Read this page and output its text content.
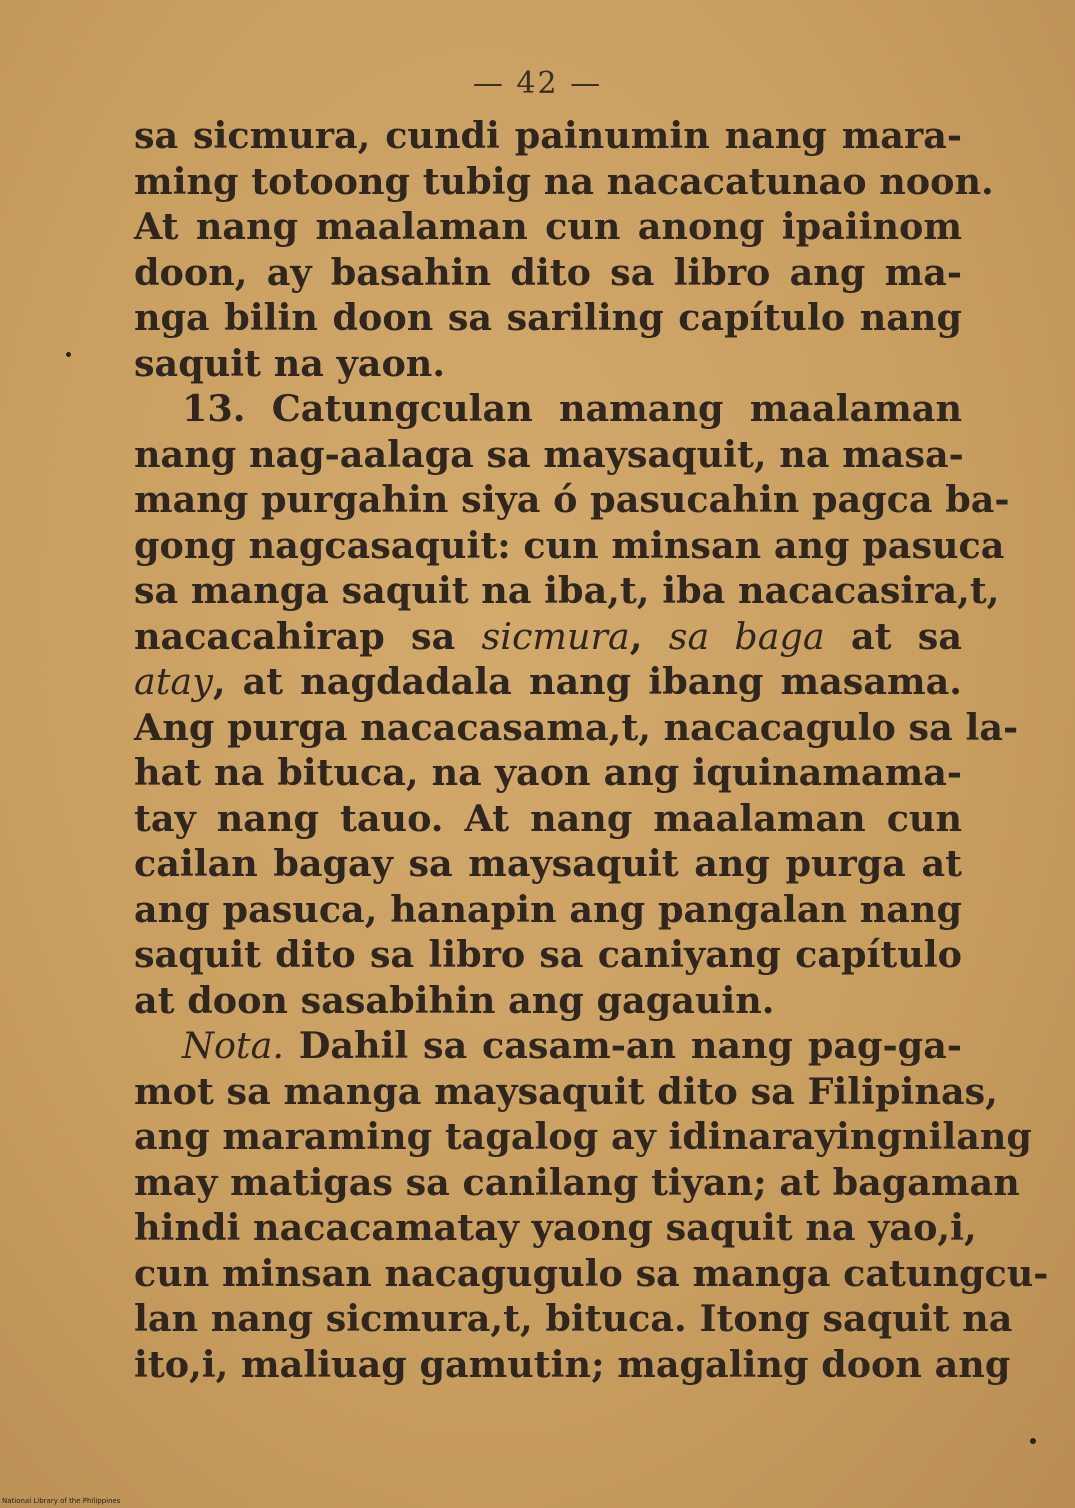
— 42 —
sa sicmura, cundi painumin nang mara-
ming totoong tubig na nacacatunao noon.
At nang maalaman cun anong ipaiinom
doon, ay basahin dito sa libro ang ma-
nga bilin doon sa sariling capítulo nang
saquit na yaon.
13. Catungculan namang maalaman
nang nag-aalaga sa maysaquit, na masa-
mang purgahin siya ó pasucahin pagca ba-
gong nagcasaquit: cun minsan ang pasuca
sa manga saquit na iba,t, iba nacacasira,t,
nacacahirap sa sicmura, sa baga at sa
atay, at nagdadala nang ibang masama.
Ang purga nacacasama,t, nacacagulo sa la-
hat na bituca, na yaon ang iquinamama-
tay nang tauo. At nang maalaman cun
cailan bagay sa maysaquit ang purga at
ang pasuca, hanapin ang pangalan nang
saquit dito sa libro sa caniyang capítulo
at doon sasabihin ang gagauin.
Nota. Dahil sa casam-an nang pag-ga-
mot sa manga maysaquit dito sa Filipinas,
ang maraming tagalog ay idinarayingnilang
may matigas sa canilang tiyan; at bagaman
hindi nacacamatay yaong saquit na yao,i,
cun minsan nacagugulo sa manga catungcu-
lan nang sicmura,t, bituca. Itong saquit na
ito,i, maliuag gamutin; magaling doon ang
National Library of the Philippines
